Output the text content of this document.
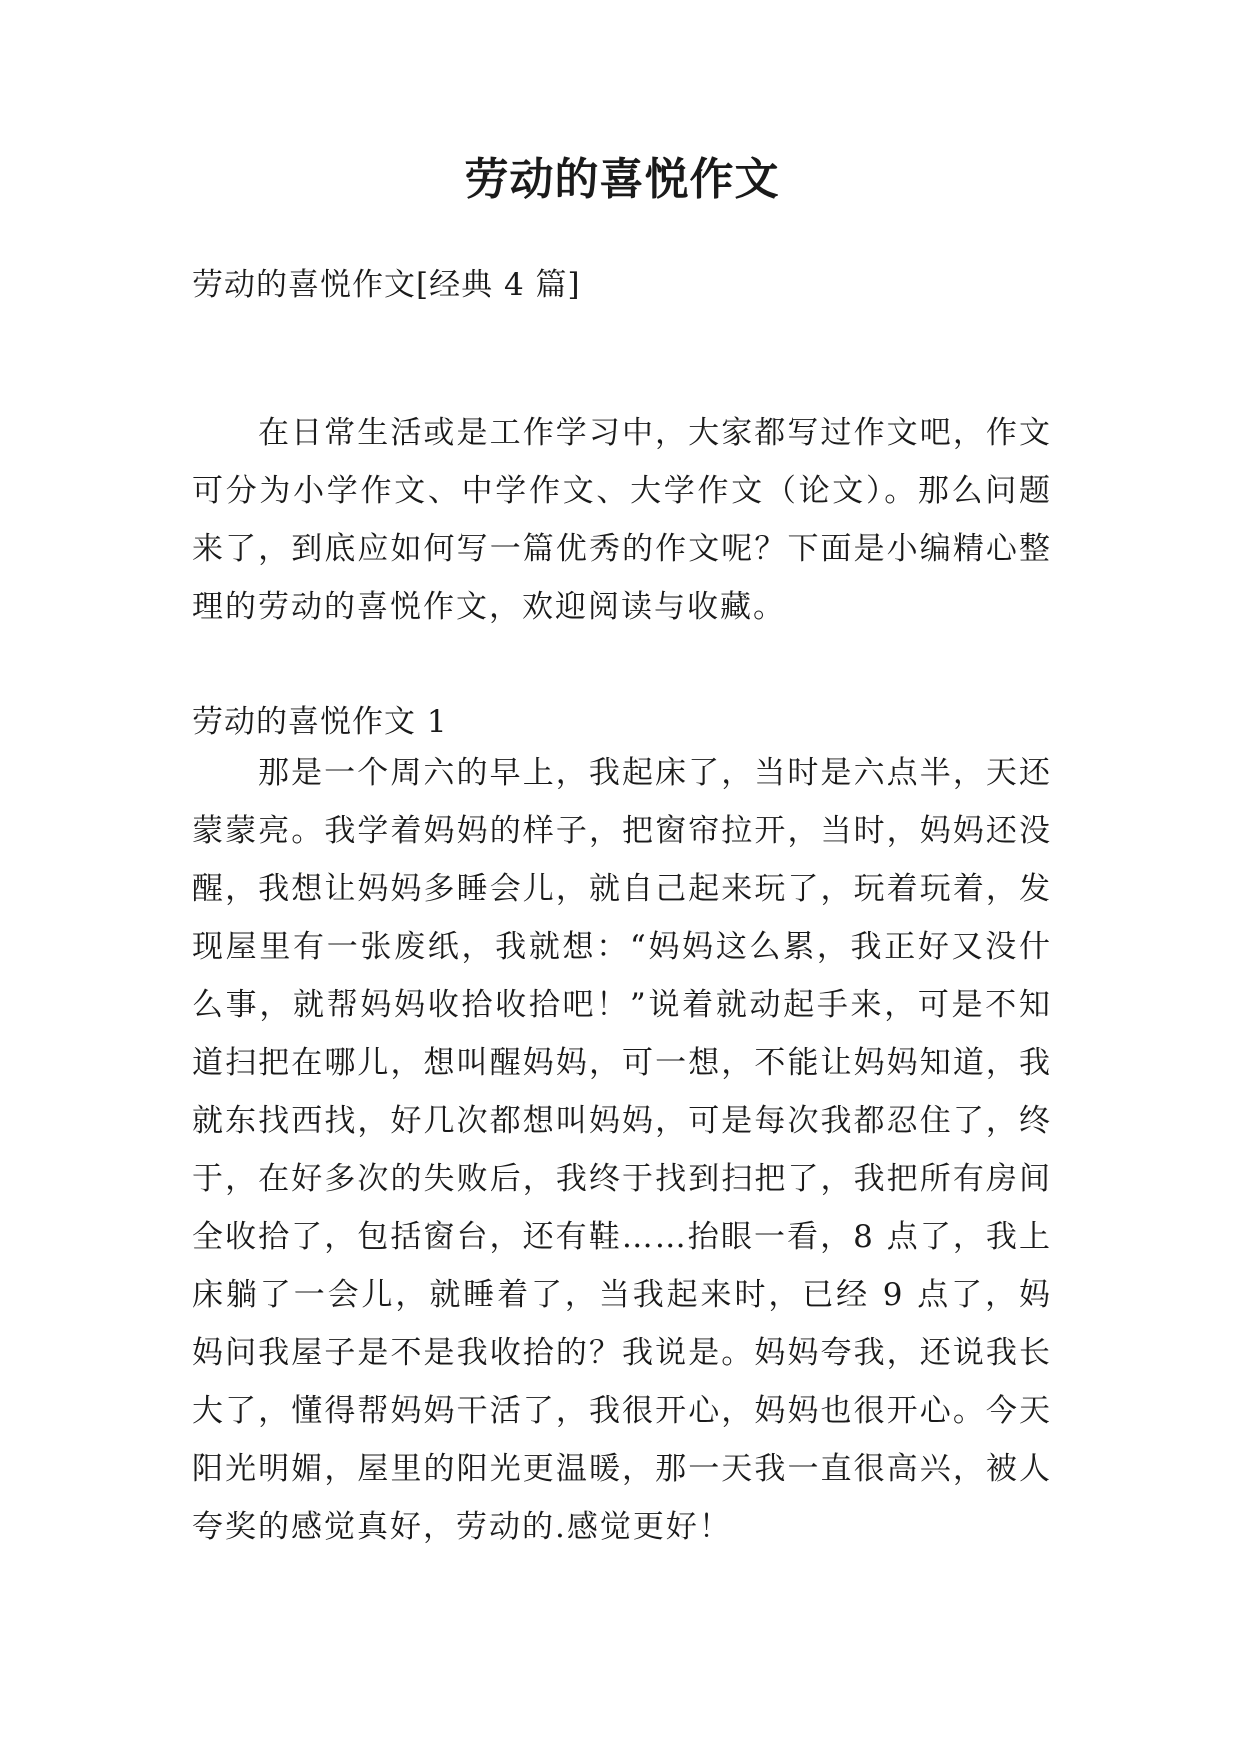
劳动的喜悦作文

劳动的喜悦作文[经典 4 篇]

在日常生活或是工作学习中，大家都写过作文吧，作文可分为小学作文、中学作文、大学作文（论文）。那么问题来了，到底应如何写一篇优秀的作文呢？下面是小编精心整理的劳动的喜悦作文，欢迎阅读与收藏。

劳动的喜悦作文 1

那是一个周六的早上，我起床了，当时是六点半，天还蒙蒙亮。我学着妈妈的样子，把窗帘拉开，当时，妈妈还没醒，我想让妈妈多睡会儿，就自己起来玩了，玩着玩着，发现屋里有一张废纸，我就想：“妈妈这么累，我正好又没什么事，就帮妈妈收拾收拾吧！”说着就动起手来，可是不知道扫把在哪儿，想叫醒妈妈，可一想，不能让妈妈知道，我就东找西找，好几次都想叫妈妈，可是每次我都忍住了，终于，在好多次的失败后，我终于找到扫把了，我把所有房间全收拾了，包括窗台，还有鞋……抬眼一看，8 点了，我上床躺了一会儿，就睡着了，当我起来时，已经 9 点了，妈妈问我屋子是不是我收拾的？我说是。妈妈夸我，还说我长大了，懂得帮妈妈干活了，我很开心，妈妈也很开心。今天阳光明媚，屋里的阳光更温暖，那一天我一直很高兴，被人夸奖的感觉真好，劳动的.感觉更好！
